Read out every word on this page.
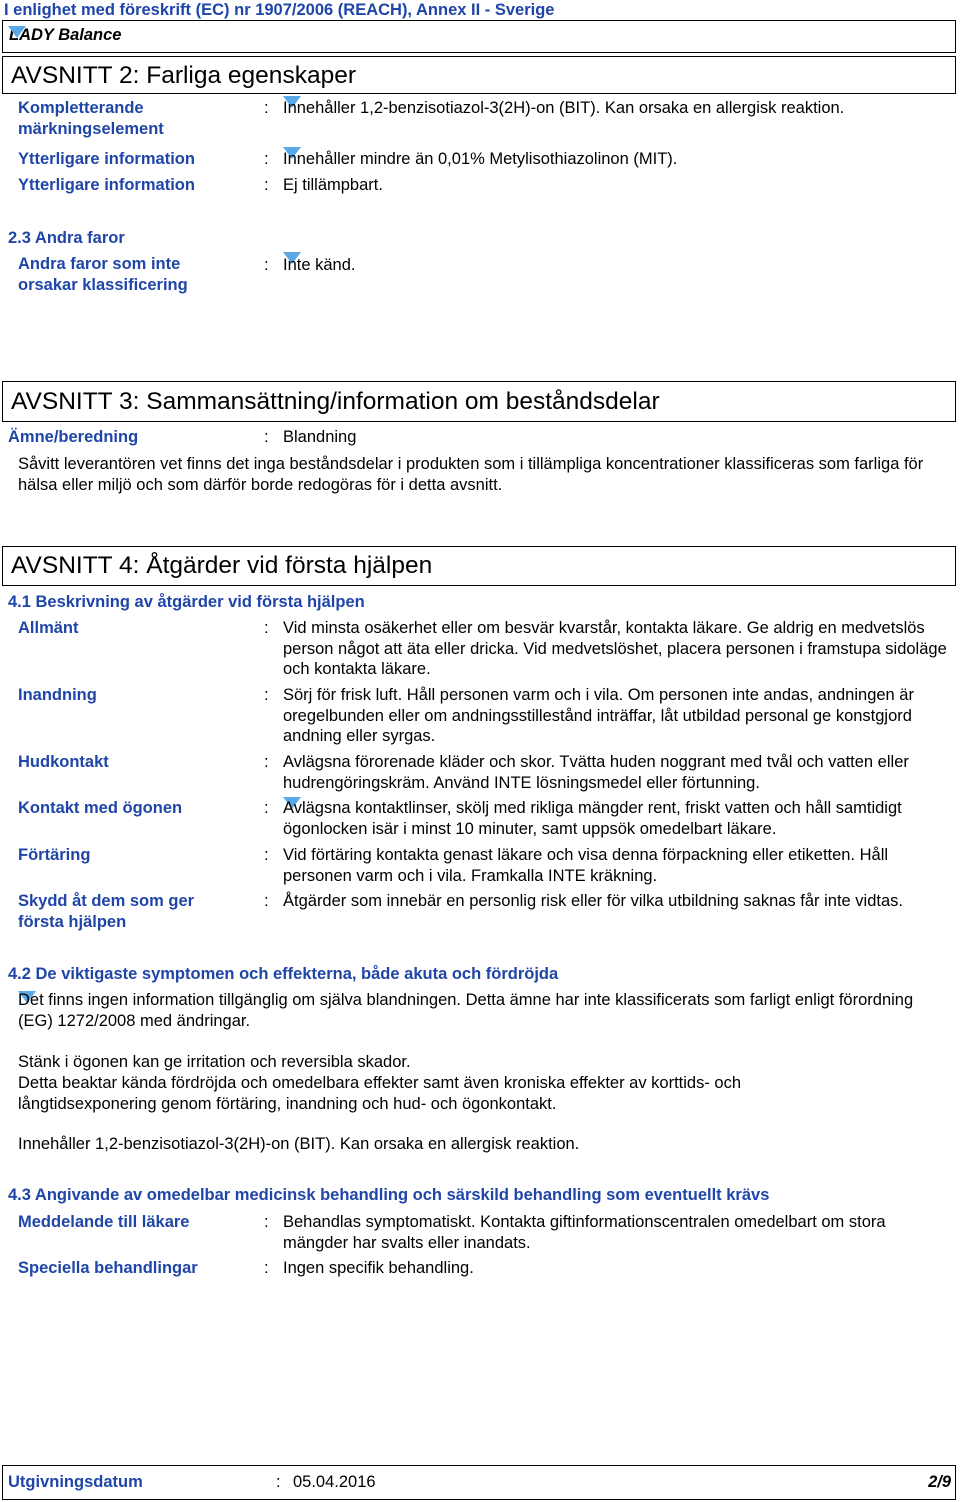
I enlighet med föreskrift (EC) nr 1907/2006 (REACH), Annex II - Sverige
LADY Balance
AVSNITT 2: Farliga egenskaper
Kompletterande märkningselement
: Innehåller 1,2-benzisotiazol-3(2H)-on (BIT). Kan orsaka en allergisk reaktion.
Ytterligare information	: Innehåller mindre än 0,01% Metylisothiazolinon (MIT).
Ytterligare information	: Ej tillämpbart.
2.3 Andra faror
Andra faror som inte orsakar klassificering
: Inte känd.
AVSNITT 3: Sammansättning/information om beståndsdelar
Ämne/beredning	: Blandning
Såvitt leverantören vet finns det inga beståndsdelar i produkten som i tillämpliga koncentrationer klassificeras som farliga för hälsa eller miljö och som därför borde redogöras för i detta avsnitt.
AVSNITT 4: Åtgärder vid första hjälpen
4.1 Beskrivning av åtgärder vid första hjälpen
Allmänt	: Vid minsta osäkerhet eller om besvär kvarstår, kontakta läkare. Ge aldrig en medvetslös person något att äta eller dricka. Vid medvetslöshet, placera personen i framstupa sidoläge och kontakta läkare.
Inandning	: Sörj för frisk luft. Håll personen varm och i vila. Om personen inte andas, andningen är oregelbunden eller om andningsstillestånd inträffar, låt utbildad personal ge konstgjord andning eller syrgas.
Hudkontakt	: Avlägsna förorenade kläder och skor. Tvätta huden noggrant med tvål och vatten eller hudrengöringskräm. Använd INTE lösningsmedel eller förtunning.
Kontakt med ögonen	: Avlägsna kontaktlinser, skölj med rikliga mängder rent, friskt vatten och håll samtidigt ögonlocken isär i minst 10 minuter, samt uppsök omedelbart läkare.
Förtäring	: Vid förtäring kontakta genast läkare och visa denna förpackning eller etiketten. Håll personen varm och i vila. Framkalla INTE kräkning.
Skydd åt dem som ger första hjälpen
: Åtgärder som innebär en personlig risk eller för vilka utbildning saknas får inte vidtas.
4.2 De viktigaste symptomen och effekterna, både akuta och fördröjda
Det finns ingen information tillgänglig om själva blandningen. Detta ämne har inte klassificerats som farligt enligt förordning (EG) 1272/2008 med ändringar.
Stänk i ögonen kan ge irritation och reversibla skador.
Detta beaktar kända fördröjda och omedelbara effekter samt även kroniska effekter av korttids- och långtidsexponering genom förtäring, inandning och hud- och ögonkontakt.
Innehåller 1,2-benzisotiazol-3(2H)-on (BIT). Kan orsaka en allergisk reaktion.
4.3 Angivande av omedelbar medicinsk behandling och särskild behandling som eventuellt krävs
Meddelande till läkare	: Behandlas symptomatiskt. Kontakta giftinformationscentralen omedelbart om stora mängder har svalts eller inandats.
Speciella behandlingar	: Ingen specifik behandling.
Utgivningsdatum	: 05.04.2016	2/9
